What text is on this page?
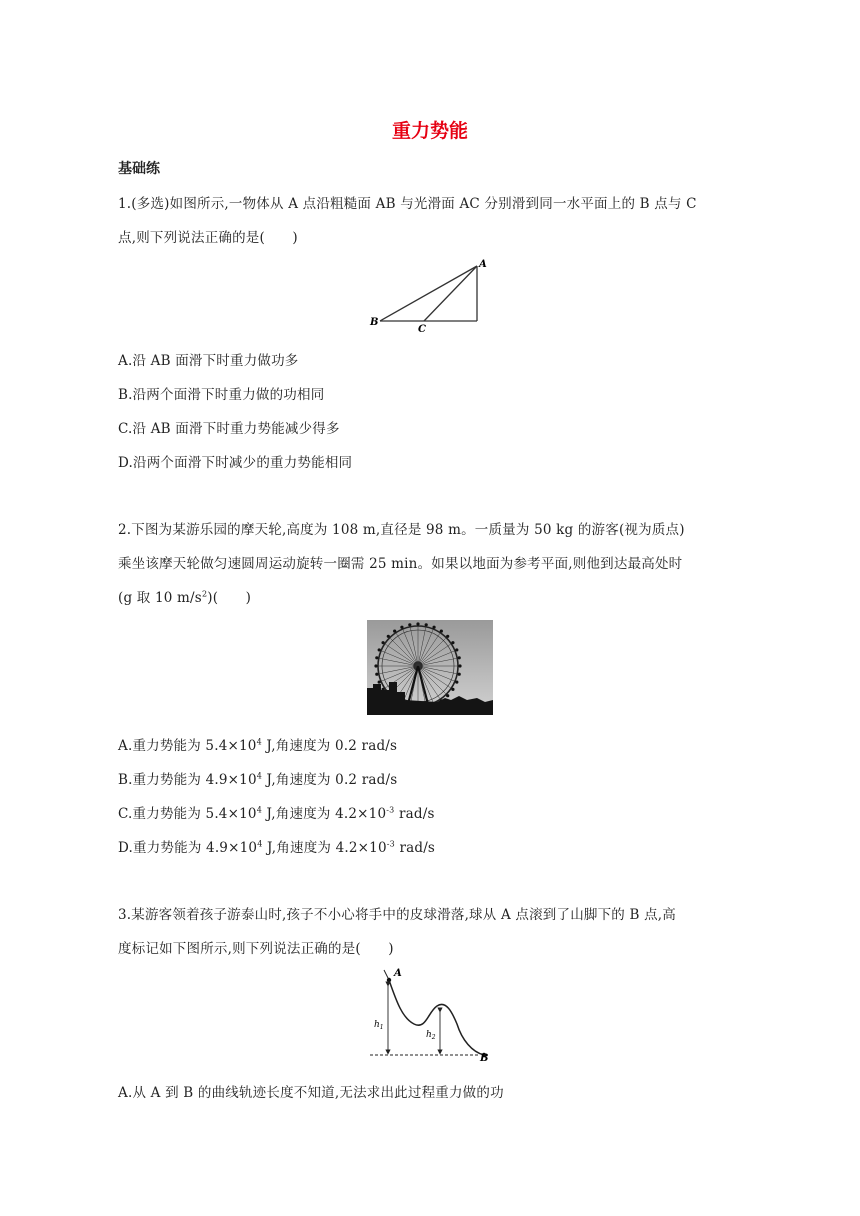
重力势能
基础练
1.(多选)如图所示,一物体从 A 点沿粗糙面 AB 与光滑面 AC 分别滑到同一水平面上的 B 点与 C
点,则下列说法正确的是(　　)
A
B
C
A.沿 AB 面滑下时重力做功多
B.沿两个面滑下时重力做的功相同
C.沿 AB 面滑下时重力势能减少得多
D.沿两个面滑下时减少的重力势能相同
2.下图为某游乐园的摩天轮,高度为 108 m,直径是 98 m。一质量为 50 kg 的游客(视为质点)
乘坐该摩天轮做匀速圆周运动旋转一圈需 25 min。如果以地面为参考平面,则他到达最高处时
(g 取 10 $m/s^2$)(　　)
A.重力势能为 $5.4\times 10^4$ J,角速度为 0.2 rad/s
B.重力势能为 $4.9\times 10^4$ J,角速度为 0.2 rad/s
C.重力势能为 $5.4\times 10^4$ J,角速度为 $4.2\times 10^{-3}$ rad/s
D.重力势能为 $4.9\times 10^4$ J,角速度为 $4.2\times 10^{-3}$ rad/s
3.某游客领着孩子游泰山时,孩子不小心将手中的皮球滑落,球从 A 点滚到了山脚下的 B 点,高
度标记如下图所示,则下列说法正确的是(　　)
A
B
$h_1$
$h_2$
A.从 A 到 B 的曲线轨迹长度不知道,无法求出此过程重力做的功
